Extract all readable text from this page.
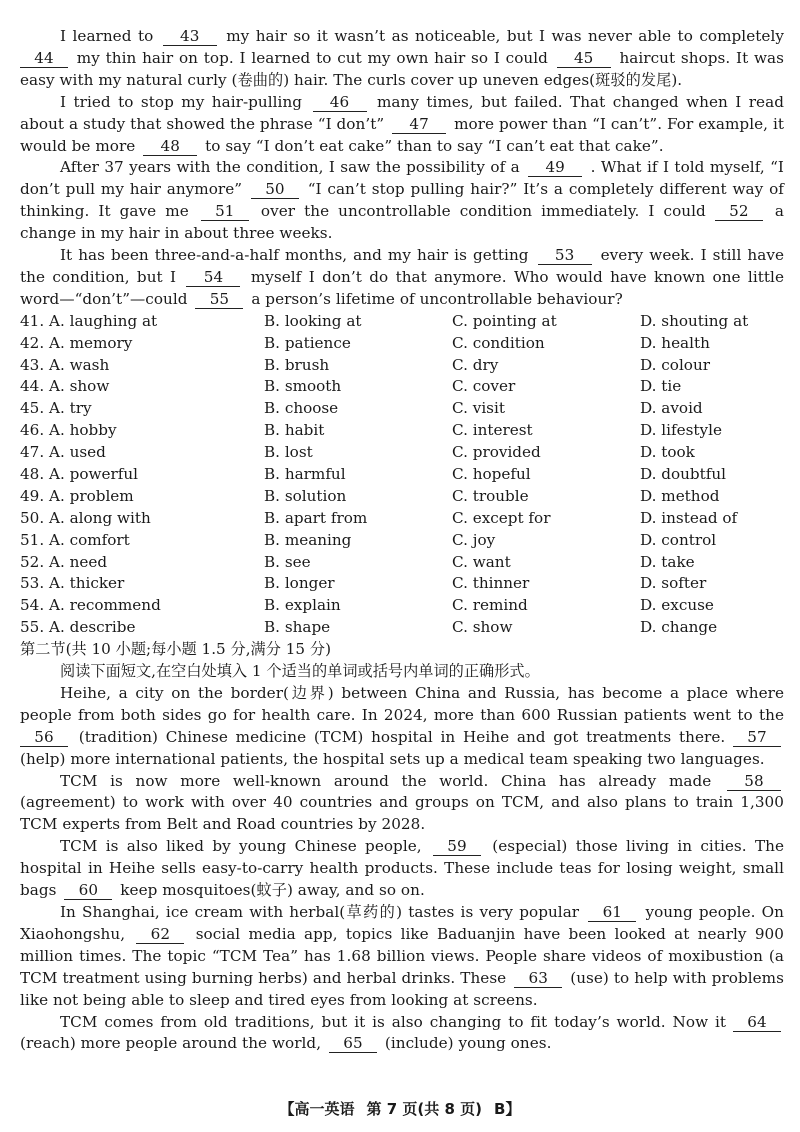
I learned to 43 my hair so it wasn’t as noticeable, but I was never able to completely 44 my thin hair on top. I learned to cut my own hair so I could 45 haircut shops. It was easy with my natural curly (卷曲的) hair. The curls cover up uneven edges(斑驳的发尾).

I tried to stop my hair-pulling 46 many times, but failed. That changed when I read about a study that showed the phrase “I don’t” 47 more power than “I can’t”. For example, it would be more 48 to say “I don’t eat cake” than to say “I can’t eat that cake”.

After 37 years with the condition, I saw the possibility of a 49 . What if I told myself, “I don’t pull my hair anymore” 50 “I can’t stop pulling hair?” It’s a completely different way of thinking. It gave me 51 over the uncontrollable condition immediately. I could 52 a change in my hair in about three weeks.

It has been three-and-a-half months, and my hair is getting 53 every week. I still have the condition, but I 54 myself I don’t do that anymore. Who would have known one little word—“don’t”—could 55 a person’s lifetime of uncontrollable behaviour?

41. A. laughing at	B. looking at	C. pointing at	D. shouting at
42. A. memory	B. patience	C. condition	D. health
43. A. wash	B. brush	C. dry	D. colour
44. A. show	B. smooth	C. cover	D. tie
45. A. try	B. choose	C. visit	D. avoid
46. A. hobby	B. habit	C. interest	D. lifestyle
47. A. used	B. lost	C. provided	D. took
48. A. powerful	B. harmful	C. hopeful	D. doubtful
49. A. problem	B. solution	C. trouble	D. method
50. A. along with	B. apart from	C. except for	D. instead of
51. A. comfort	B. meaning	C. joy	D. control
52. A. need	B. see	C. want	D. take
53. A. thicker	B. longer	C. thinner	D. softer
54. A. recommend	B. explain	C. remind	D. excuse
55. A. describe	B. shape	C. show	D. change

第二节(共 10 小题;每小题 1.5 分,满分 15 分)

阅读下面短文,在空白处填入 1 个适当的单词或括号内单词的正确形式。

Heihe, a city on the border(边界) between China and Russia, has become a place where people from both sides go for health care. In 2024, more than 600 Russian patients went to the 56 (tradition) Chinese medicine (TCM) hospital in Heihe and got treatments there. 57 (help) more international patients, the hospital sets up a medical team speaking two languages.

TCM is now more well-known around the world. China has already made 58 (agreement) to work with over 40 countries and groups on TCM, and also plans to train 1,300 TCM experts from Belt and Road countries by 2028.

TCM is also liked by young Chinese people, 59 (especial) those living in cities. The hospital in Heihe sells easy-to-carry health products. These include teas for losing weight, small bags 60 keep mosquitoes(蚊子) away, and so on.

In Shanghai, ice cream with herbal(草药的) tastes is very popular 61 young people. On Xiaohongshu, 62 social media app, topics like Baduanjin have been looked at nearly 900 million times. The topic “TCM Tea” has 1.68 billion views. People share videos of moxibustion (a TCM treatment using burning herbs) and herbal drinks. These 63 (use) to help with problems like not being able to sleep and tired eyes from looking at screens.

TCM comes from old traditions, but it is also changing to fit today’s world. Now it 64 (reach) more people around the world, 65 (include) young ones.

【高一英语 第 7 页(共 8 页) B】
